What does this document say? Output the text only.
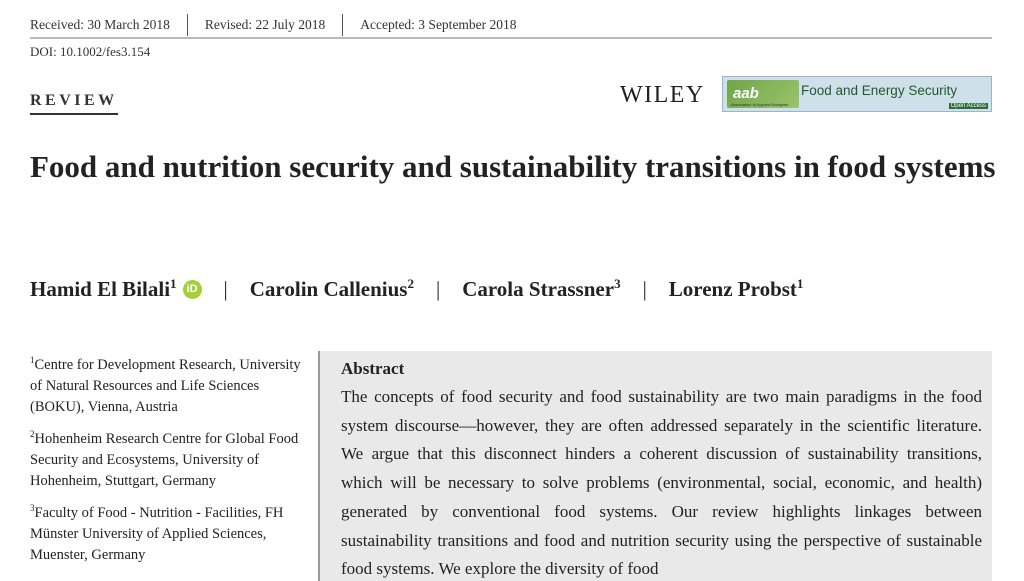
Received: 30 March 2018	Revised: 22 July 2018	Accepted: 3 September 2018
DOI: 10.1002/fes3.154
REVIEW	WILEY aab
Association of Applied Biologists
Food and Energy Security
Open Access
Food and nutrition security and sustainability transitions in food systems
Hamid El Bilali$^1$ iD | Carolin Callenius$^2$ | Carola Strassner$^3$ | Lorenz Probst$^1$
$^1$Centre for Development Research, University of Natural Resources and Life Sciences (BOKU), Vienna, Austria
$^2$Hohenheim Research Centre for Global Food Security and Ecosystems, University of Hohenheim, Stuttgart, Germany
$^3$Faculty of Food - Nutrition - Facilities, FH Münster University of Applied Sciences, Muenster, Germany
Abstract

The concepts of food security and food sustainability are two main paradigms in the food system discourse—however, they are often addressed separately in the scientific literature. We argue that this disconnect hinders a coherent discussion of sustainability transitions, which will be necessary to solve problems (environmental, social, economic, and health) generated by conventional food systems. Our review highlights linkages between sustainability transitions and food and nutrition security using the perspective of sustainable food systems. We explore the diversity of food
